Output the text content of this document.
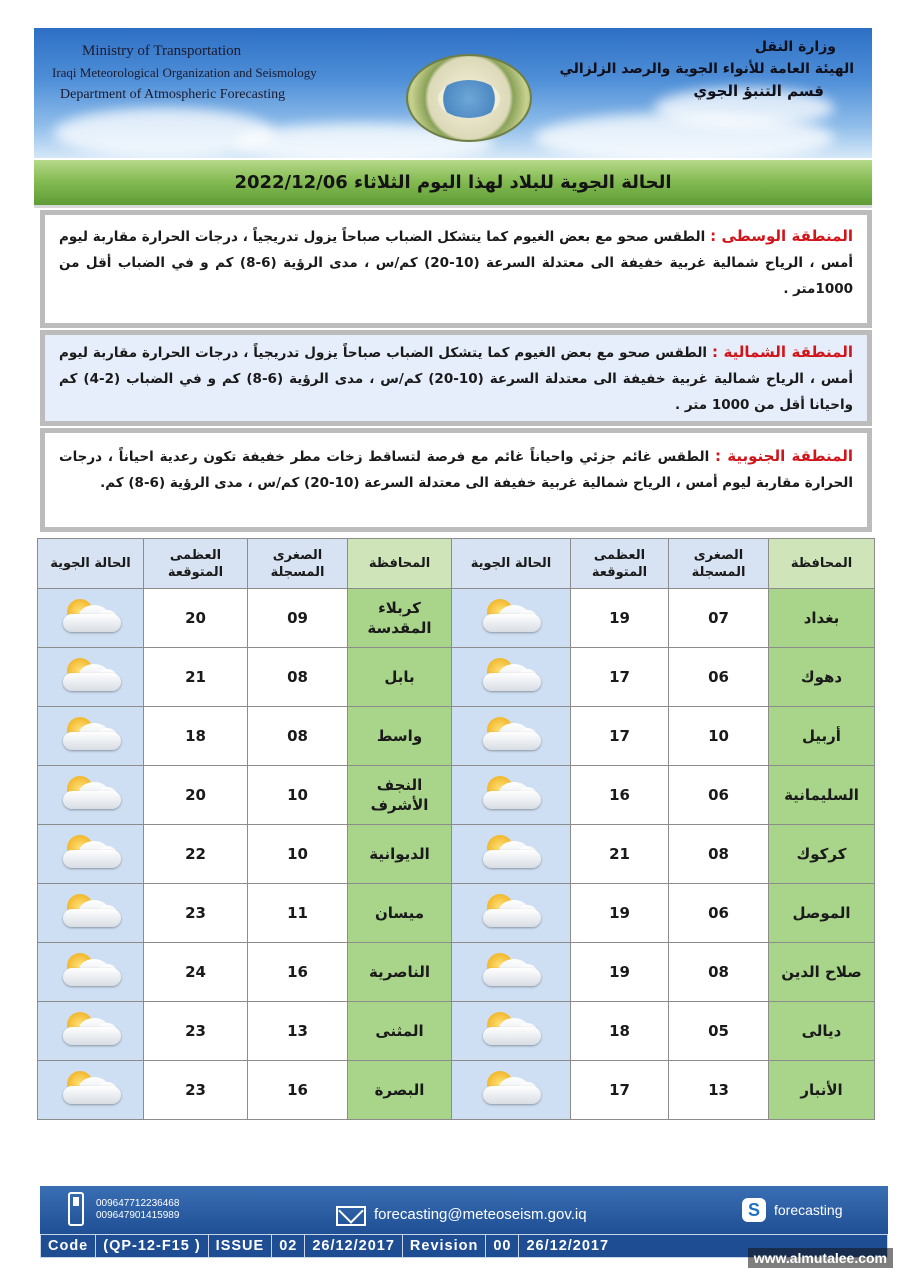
Ministry of Transportation
Iraqi Meteorological Organization and Seismology
Department of Atmospheric Forecasting
وزارة النقل
الهيئة العامة للأنواء الجوية والرصد الزلزالي
قسم التنبؤ الجوي
الحالة الجوية للبلاد لهذا اليوم الثلاثاء 2022/12/06
المنطقة الوسطى : الطقس صحو مع بعض الغيوم كما يتشكل الضباب صباحاً يزول تدريجياً ، درجات الحرارة مقاربة ليوم أمس ، الرياح شمالية غربية خفيفة الى معتدلة السرعة (10-20) كم/س ، مدى الرؤية (6-8) كم و في الضباب أقل من 1000متر .
المنطقة الشمالية : الطقس صحو مع بعض الغيوم كما يتشكل الضباب صباحاً يزول تدريجياً ، درجات الحرارة مقاربة ليوم أمس ، الرياح شمالية غربية خفيفة الى معتدلة السرعة (10-20) كم/س ، مدى الرؤية (6-8) كم و في الضباب (2-4) كم واحيانا أقل من 1000 متر .
المنطقة الجنوبية : الطقس غائم جزئي واحياناً غائم مع فرصة لتساقط زخات مطر خفيفة تكون رعدية احياناً ، درجات الحرارة مقاربة ليوم أمس ، الرياح شمالية غربية خفيفة الى معتدلة السرعة (10-20) كم/س ، مدى الرؤية (6-8) كم.
المحافظة	الصغرى المسجلة	العظمى المتوقعة	الحالة الجوية	المحافظة	الصغرى المسجلة	العظمى المتوقعة	الحالة الجوية
بغداد	07	19		كربلاء المقدسة	09	20	

دهوك	06	17		بابل	08	21	

أربيل	10	17		واسط	08	18	

السليمانية	06	16		النجف الأشرف	10	20	

كركوك	08	21		الديوانية	10	22	

الموصل	06	19		ميسان	11	23	

صلاح الدين	08	19		الناصرية	16	24	

ديالى	05	18		المثنى	13	23	

الأنبار	13	17		البصرة	16	23	
009647712236468
009647901415989	forecasting@meteoseism.gov.iq	S	forecasting
Code	(QP-12-F15 )	ISSUE	02	26/12/2017	Revision	00	26/12/2017
www.almutalee.com
